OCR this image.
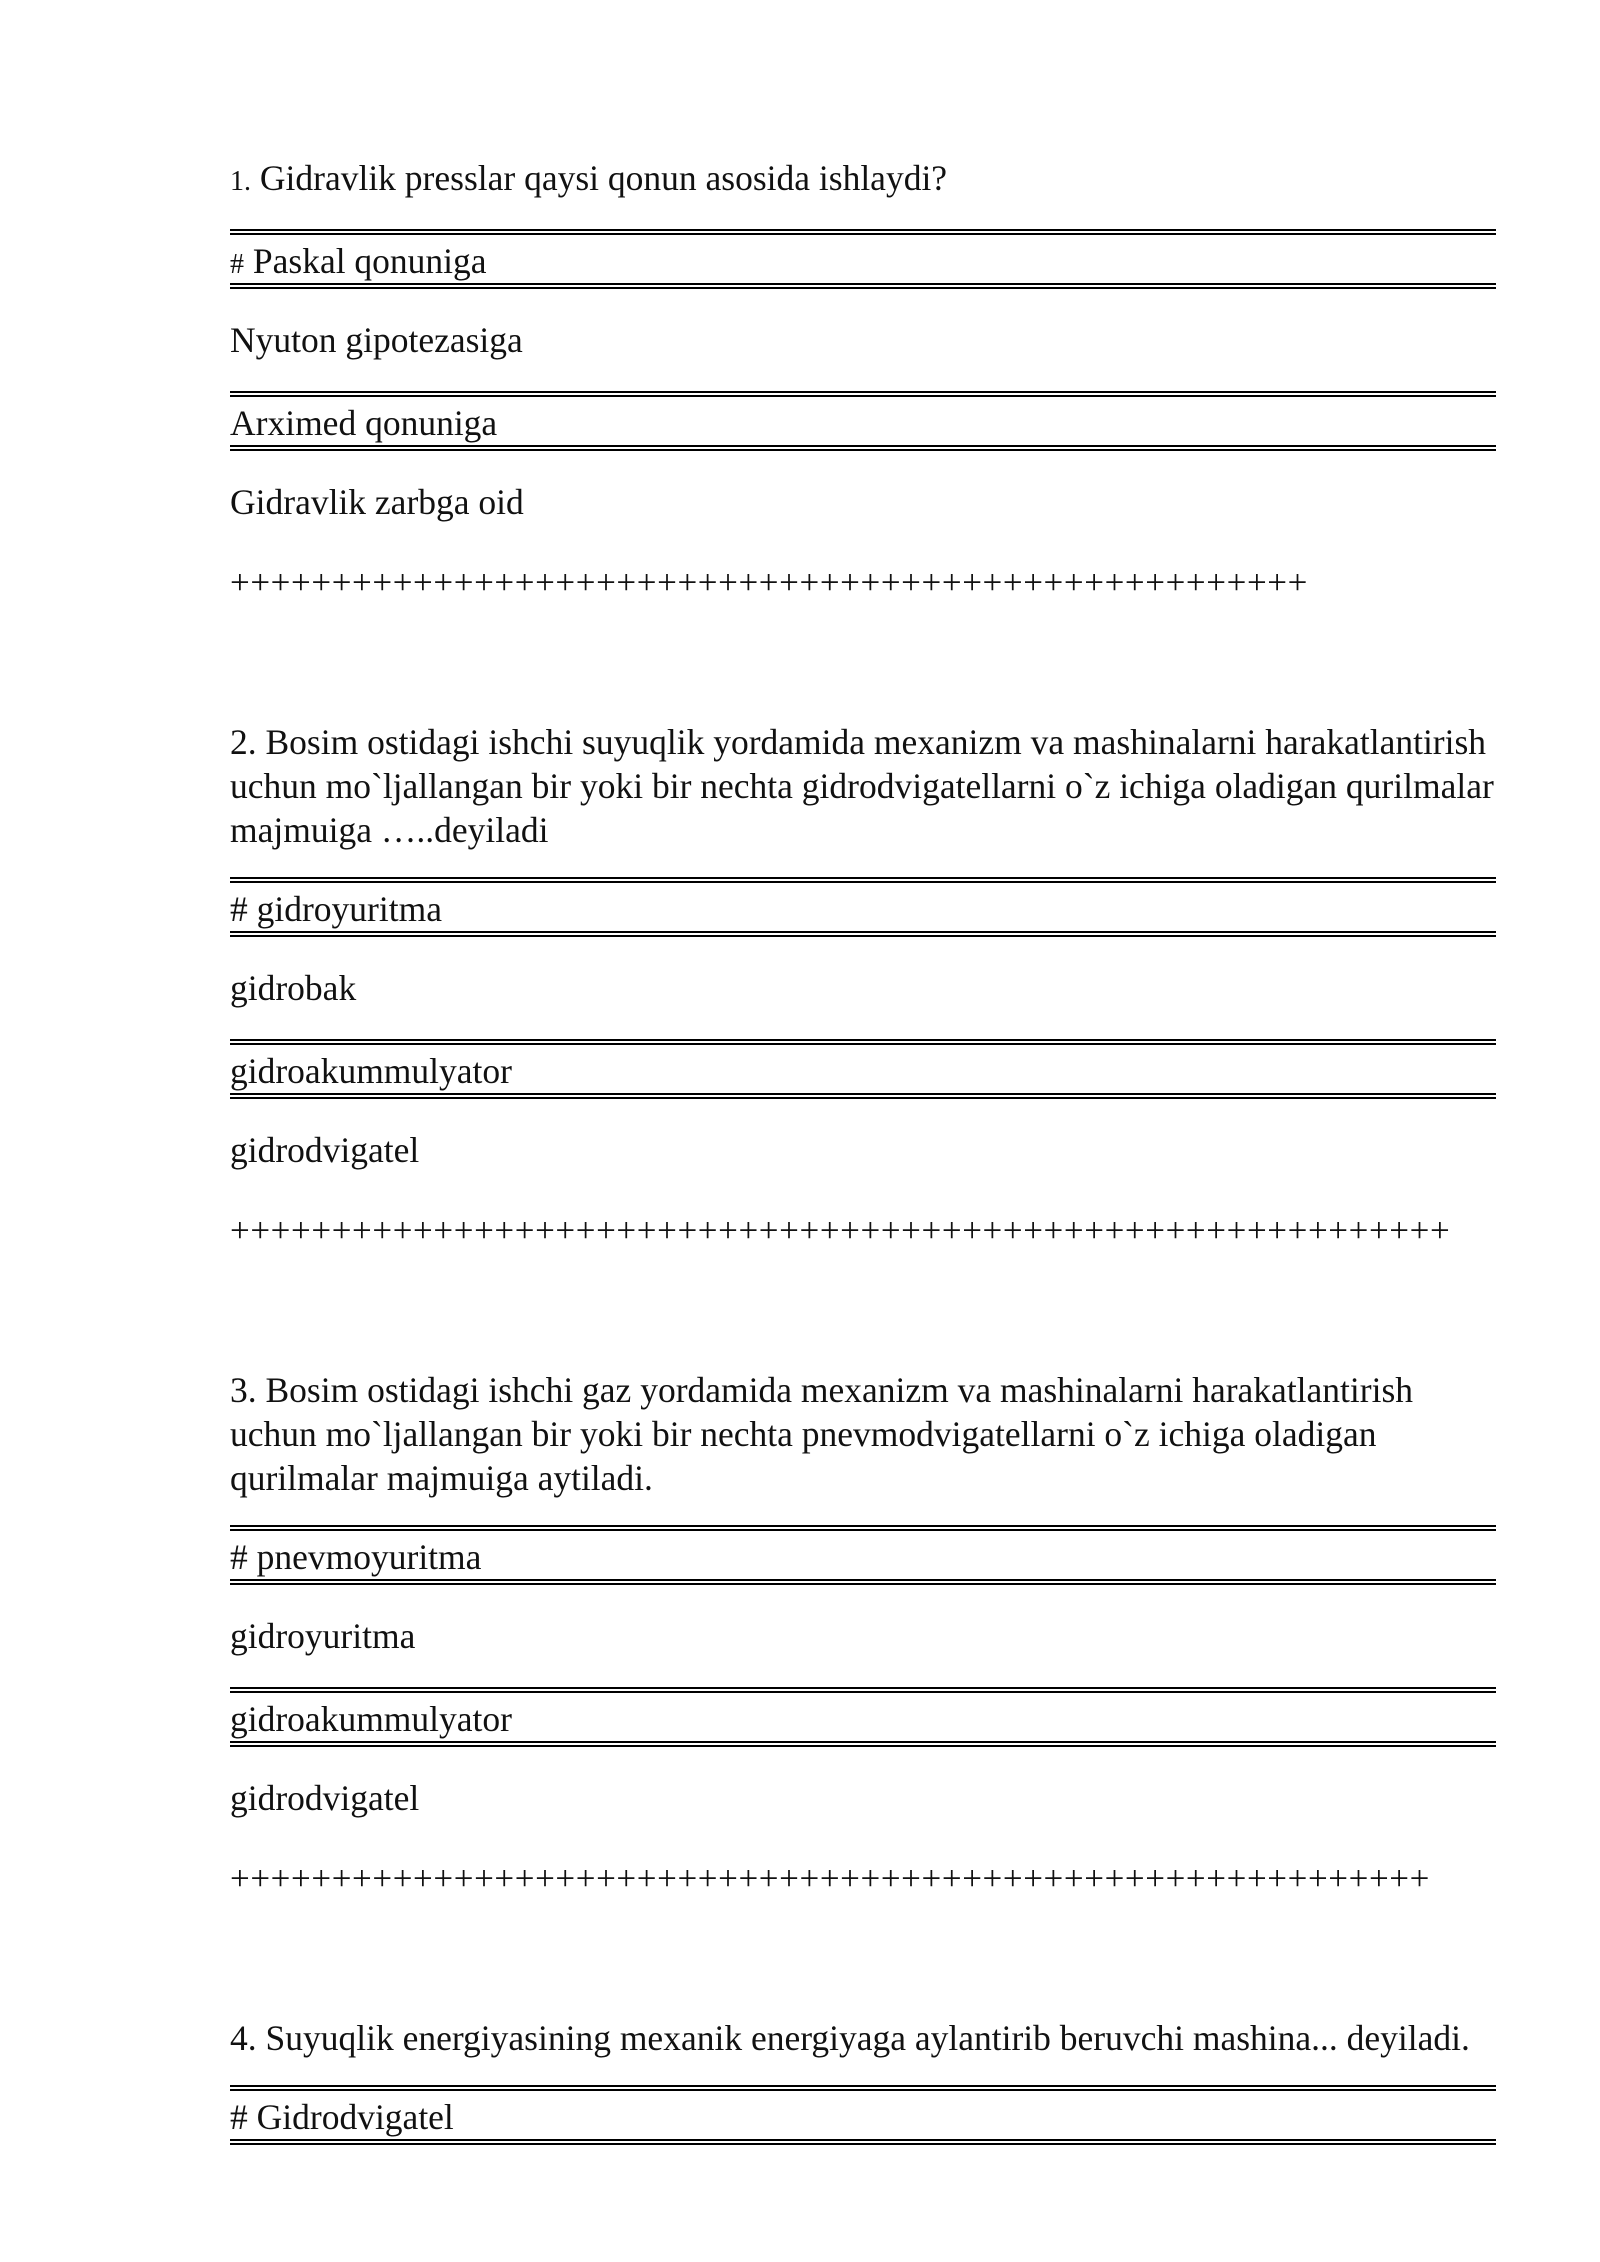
1. Gidravlik presslar qaysi qonun asosida ishlaydi?

# Paskal qonuniga
Nyuton gipotezasiga
Arximed qonuniga
Gidravlik zarbga oid
+++++++++++++++++++++++++++++++++++++++++++++++++++++

2. Bosim ostidagi ishchi suyuqlik yordamida mexanizm va mashinalarni harakatlantirish uchun mo`ljallangan bir yoki bir nechta gidrodvigatellarni o`z ichiga oladigan qurilmalar majmuiga …..deyiladi

# gidroyuritma
gidrobak
gidroakummulyator
gidrodvigatel
++++++++++++++++++++++++++++++++++++++++++++++++++++++++++++

3. Bosim ostidagi ishchi gaz yordamida mexanizm va mashinalarni harakatlantirish uchun mo`ljallangan bir yoki bir nechta pnevmodvigatellarni o`z ichiga oladigan qurilmalar majmuiga aytiladi.

# pnevmoyuritma
gidroyuritma
gidroakummulyator
gidrodvigatel
+++++++++++++++++++++++++++++++++++++++++++++++++++++++++++

4. Suyuqlik energiyasining mexanik energiyaga aylantirib beruvchi mashina... deyiladi.

# Gidrodvigatel
